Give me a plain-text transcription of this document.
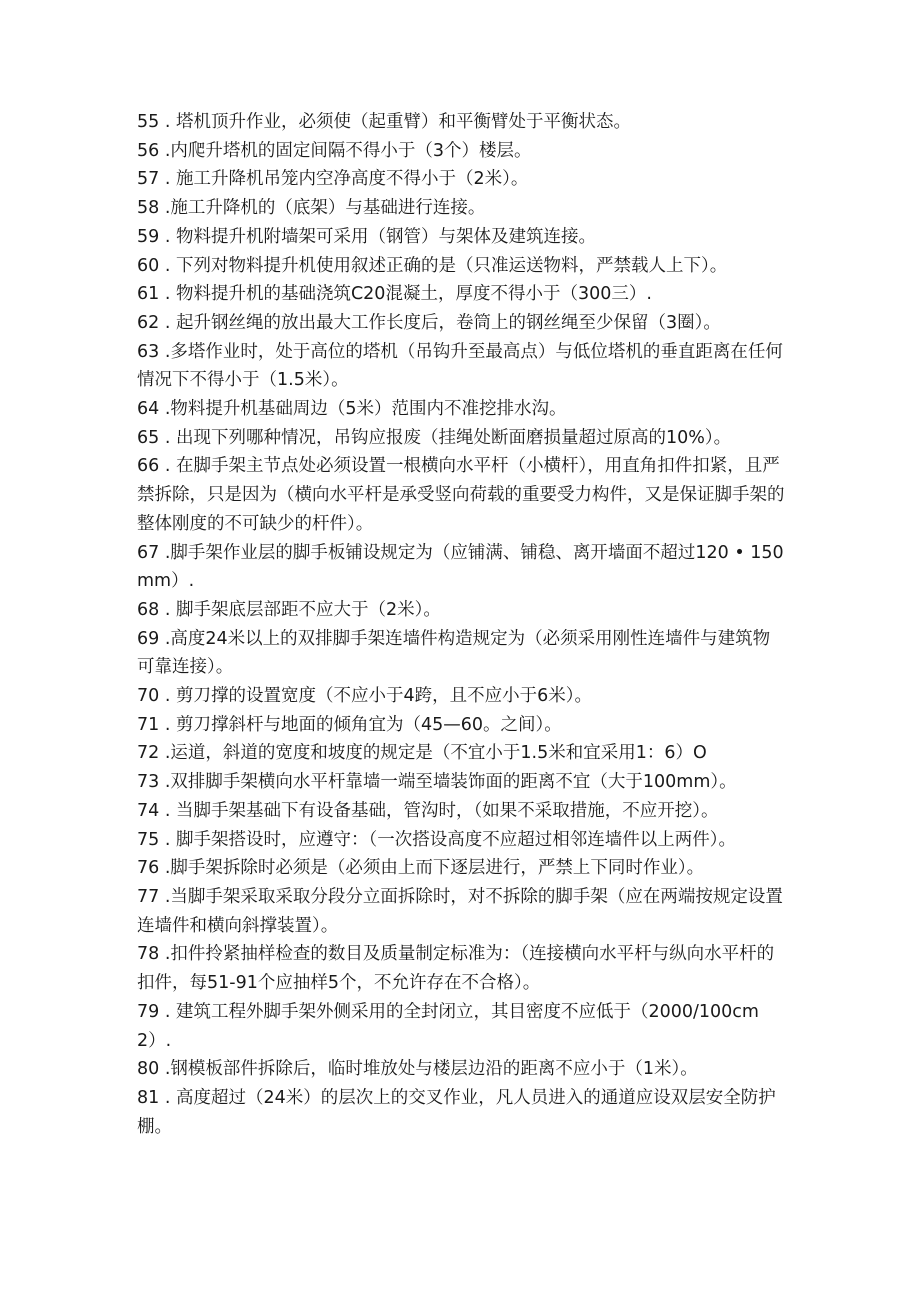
55 . 塔机顶升作业，必须使（起重臂）和平衡臂处于平衡状态。

56 .内爬升塔机的固定间隔不得小于（3个）楼层。

57 . 施工升降机吊笼内空净高度不得小于（2米）。

58 .施工升降机的（底架）与基础进行连接。

59 . 物料提升机附墙架可采用（钢管）与架体及建筑连接。

60 . 下列对物料提升机使用叙述正确的是（只准运送物料，严禁载人上下）。

61 . 物料提升机的基础浇筑C20混凝土，厚度不得小于（300三）.

62 . 起升钢丝绳的放出最大工作长度后，卷筒上的钢丝绳至少保留（3圈）。

63 .多塔作业时，处于高位的塔机（吊钩升至最高点）与低位塔机的垂直距离在任何情况下不得小于（1.5米）。

64 .物料提升机基础周边（5米）范围内不准挖排水沟。

65 . 出现下列哪种情况，吊钩应报废（挂绳处断面磨损量超过原高的10%）。

66 . 在脚手架主节点处必须设置一根横向水平杆（小横杆），用直角扣件扣紧，且严禁拆除，只是因为（横向水平杆是承受竖向荷载的重要受力构件，又是保证脚手架的整体刚度的不可缺少的杆件）。

67 .脚手架作业层的脚手板铺设规定为（应铺满、铺稳、离开墙面不超过120 • 150mm）.

68 . 脚手架底层部距不应大于（2米）。

69 .高度24米以上的双排脚手架连墙件构造规定为（必须采用刚性连墙件与建筑物可靠连接）。

70 . 剪刀撑的设置宽度（不应小于4跨，且不应小于6米）。

71 . 剪刀撑斜杆与地面的倾角宜为（45—60。之间）。

72 .运道，斜道的宽度和坡度的规定是（不宜小于1.5米和宜采用1：6）O

73 .双排脚手架横向水平杆靠墙一端至墙装饰面的距离不宜（大于100mm）。

74 . 当脚手架基础下有设备基础，管沟时，（如果不采取措施，不应开挖）。

75 . 脚手架搭设时，应遵守：（一次搭设高度不应超过相邻连墙件以上两件）。

76 .脚手架拆除时必须是（必须由上而下逐层进行，严禁上下同时作业）。

77 .当脚手架采取采取分段分立面拆除时，对不拆除的脚手架（应在两端按规定设置连墙件和横向斜撑装置）。

78 .扣件拎紧抽样检查的数目及质量制定标准为：（连接横向水平杆与纵向水平杆的扣件，每51-91个应抽样5个，不允许存在不合格）。

79 . 建筑工程外脚手架外侧采用的全封闭立，其目密度不应低于（2000/100cm2）.

80 .钢模板部件拆除后，临时堆放处与楼层边沿的距离不应小于（1米）。

81 . 高度超过（24米）的层次上的交叉作业，凡人员进入的通道应设双层安全防护棚。
